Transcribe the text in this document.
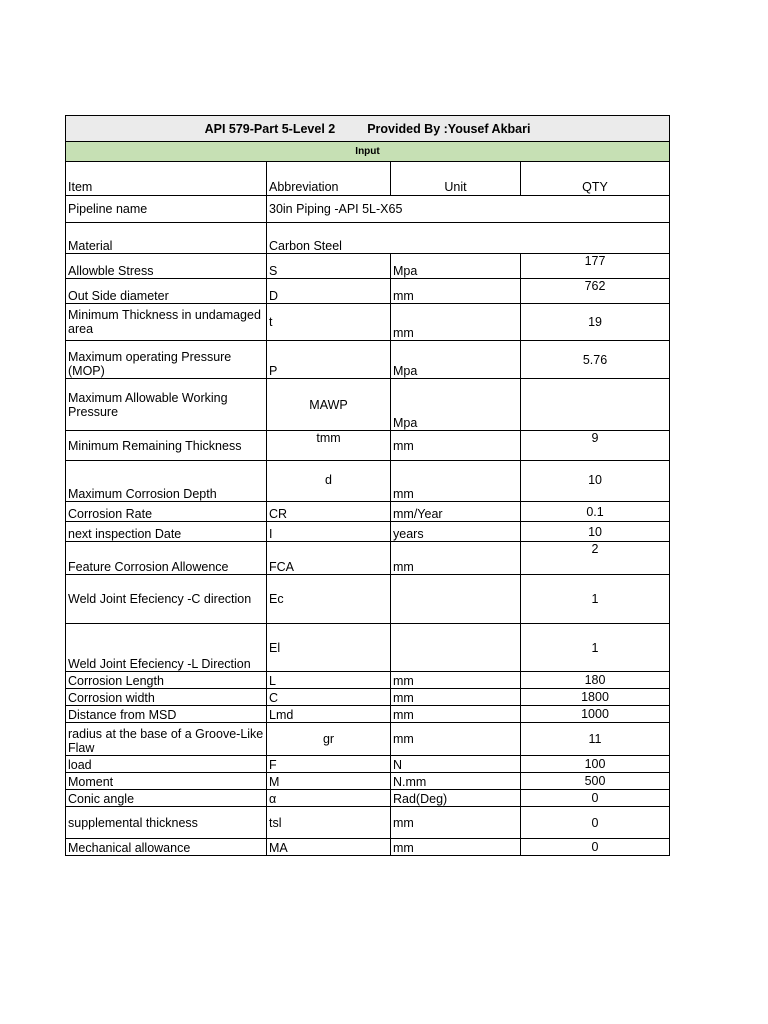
API 579-Part 5-Level 2 Provided By :Yousef Akbari			
Input			
Item	Abbreviation	Unit	QTY
Pipeline name	30in Piping -API 5L-X65		
Material	Carbon Steel		
Allowble Stress	S	Mpa	177
Out Side diameter	D	mm	762
Minimum Thickness in undamaged area	t	mm	19
Maximum operating Pressure (MOP)	P	Mpa	5.76
Maximum Allowable Working Pressure	MAWP	Mpa	
Minimum Remaining Thickness	tmm	mm	9
Maximum Corrosion Depth	d	mm	10
Corrosion Rate	CR	mm/Year	0.1
next inspection Date	I	years	10
Feature Corrosion Allowence	FCA	mm	2
Weld Joint Efeciency -C direction	Ec		1
Weld Joint Efeciency -L Direction	El		1
Corrosion Length	L	mm	180
Corrosion width	C	mm	1800
Distance from MSD	Lmd	mm	1000
radius at the base of a Groove-Like Flaw	gr	mm	11
load	F	N	100
Moment	M	N.mm	500
Conic angle	α	Rad(Deg)	0
supplemental thickness	tsl	mm	0
Mechanical allowance	MA	mm	0
